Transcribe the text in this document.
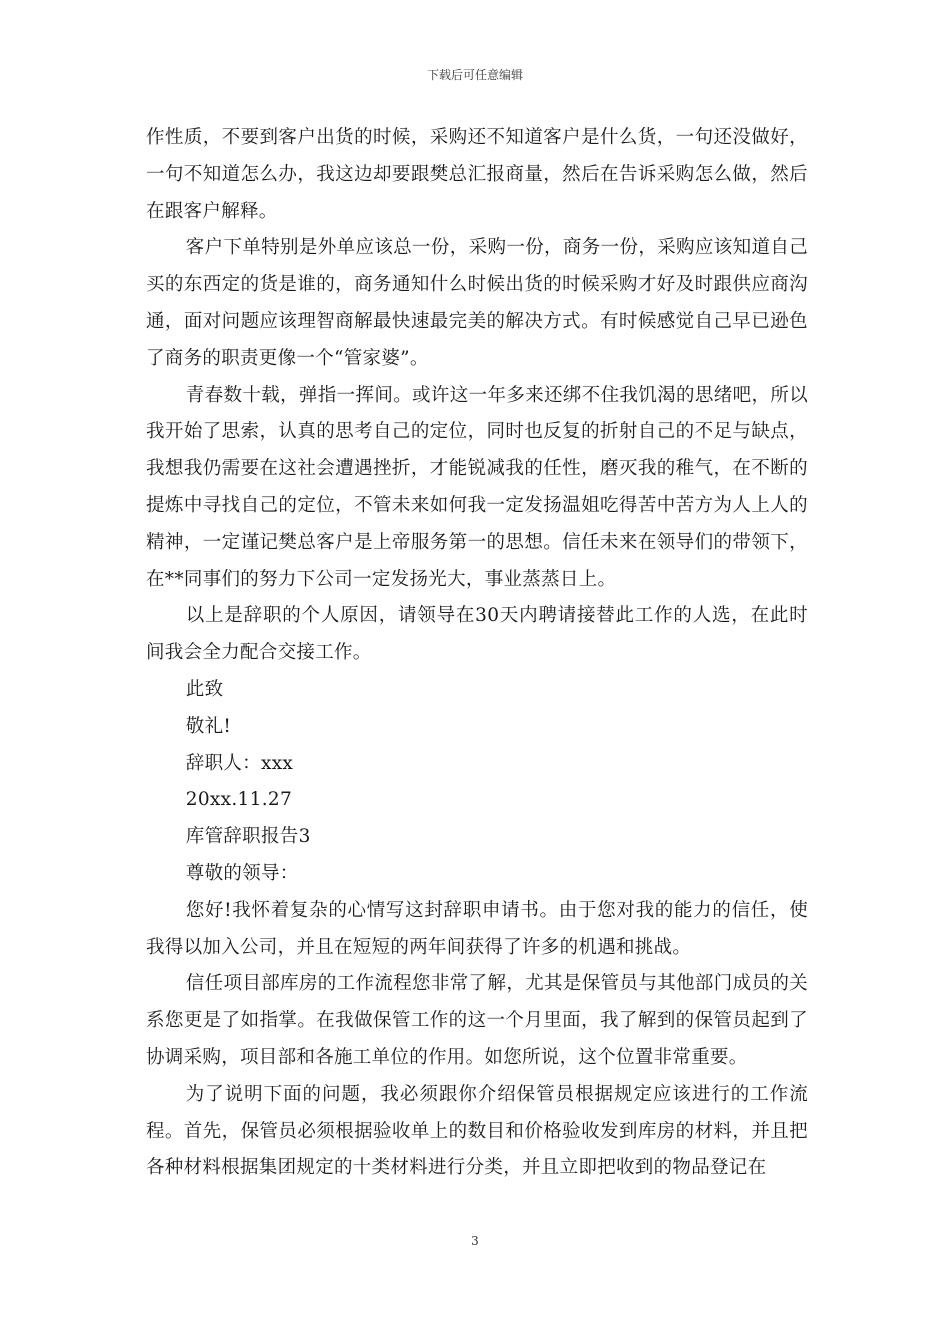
下载后可任意编辑

作性质，不要到客户出货的时候，采购还不知道客户是什么货，一句还没做好，一句不知道怎么办，我这边却要跟樊总汇报商量，然后在告诉采购怎么做，然后在跟客户解释。

客户下单特别是外单应该总一份，采购一份，商务一份，采购应该知道自己买的东西定的货是谁的，商务通知什么时候出货的时候采购才好及时跟供应商沟通，面对问题应该理智商解最快速最完美的解决方式。有时候感觉自己早已逊色了商务的职责更像一个“管家婆”。

青春数十载，弹指一挥间。或许这一年多来还绑不住我饥渴的思绪吧，所以我开始了思索，认真的思考自己的定位，同时也反复的折射自己的不足与缺点，我想我仍需要在这社会遭遇挫折，才能锐减我的任性，磨灭我的稚气，在不断的提炼中寻找自己的定位，不管未来如何我一定发扬温姐吃得苦中苦方为人上人的精神，一定谨记樊总客户是上帝服务第一的思想。信任未来在领导们的带领下，在**同事们的努力下公司一定发扬光大，事业蒸蒸日上。

以上是辞职的个人原因，请领导在30天内聘请接替此工作的人选，在此时间我会全力配合交接工作。

此致

敬礼!

辞职人：xxx

20xx.11.27

库管辞职报告3

尊敬的领导：

您好!我怀着复杂的心情写这封辞职申请书。由于您对我的能力的信任，使我得以加入公司，并且在短短的两年间获得了许多的机遇和挑战。

信任项目部库房的工作流程您非常了解，尤其是保管员与其他部门成员的关系您更是了如指掌。在我做保管工作的这一个月里面，我了解到的保管员起到了协调采购，项目部和各施工单位的作用。如您所说，这个位置非常重要。

为了说明下面的问题，我必须跟你介绍保管员根据规定应该进行的工作流程。首先，保管员必须根据验收单上的数目和价格验收发到库房的材料，并且把各种材料根据集团规定的十类材料进行分类，并且立即把收到的物品登记在

3
